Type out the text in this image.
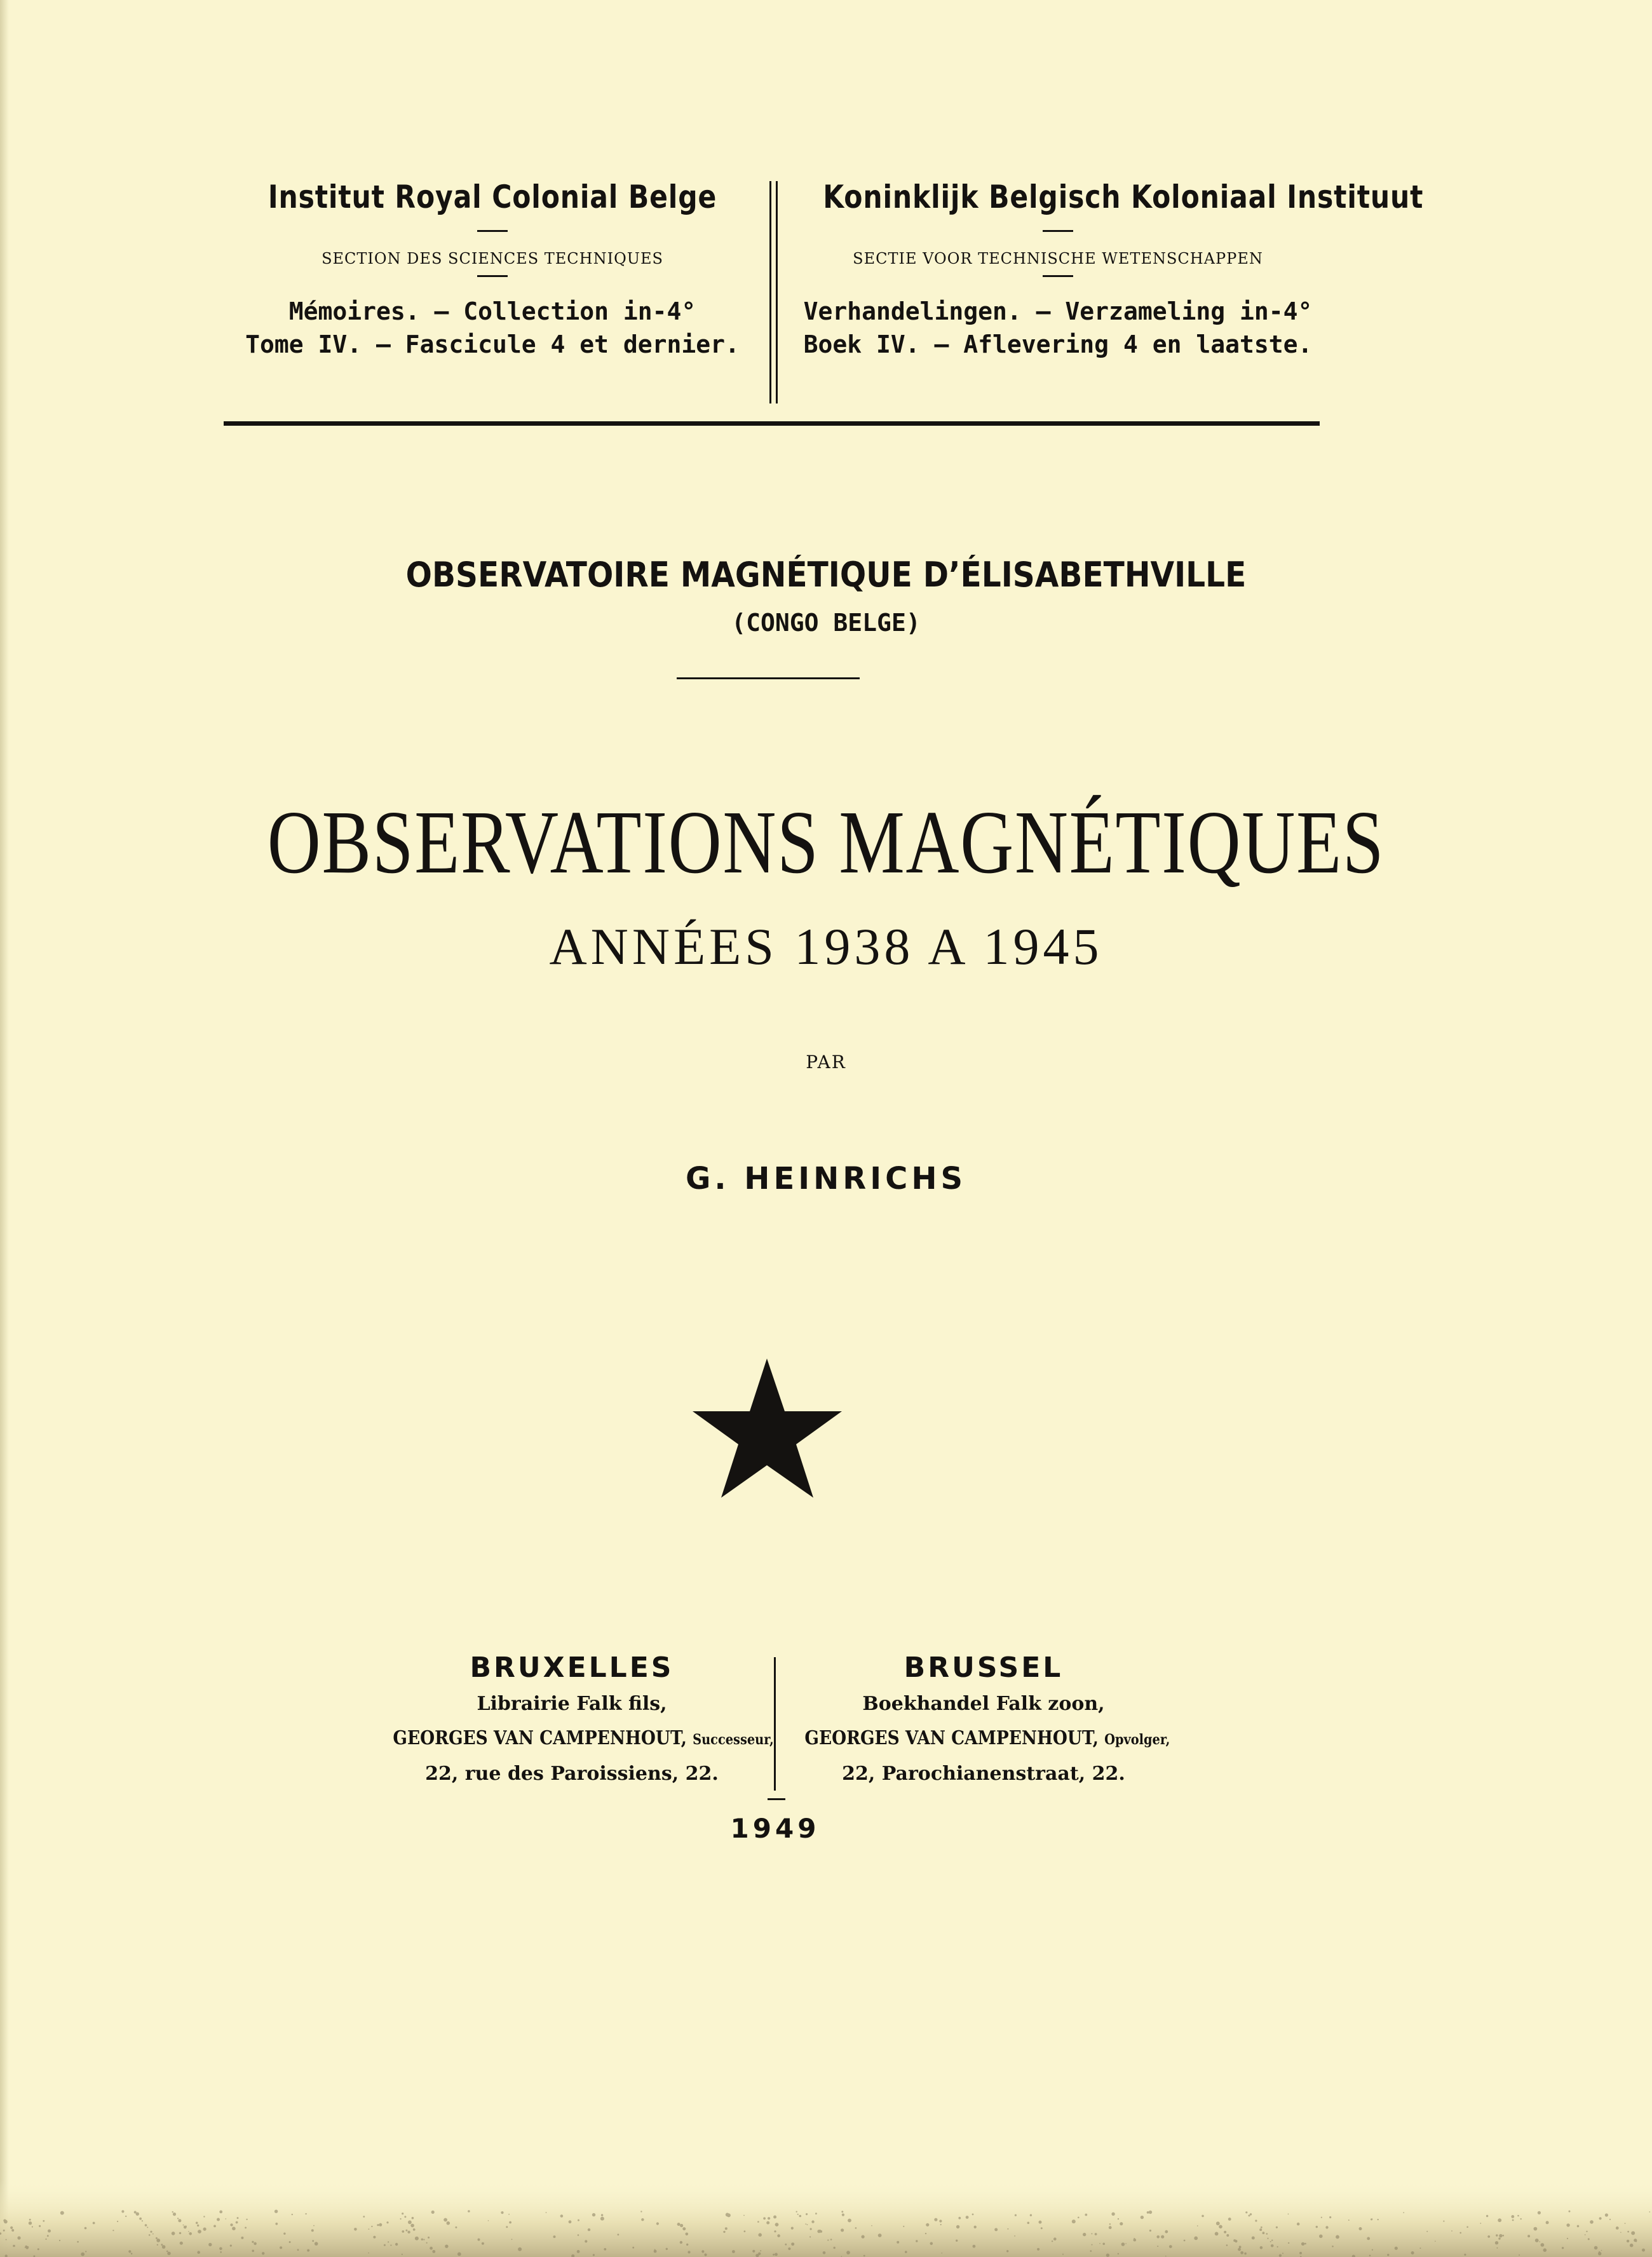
Institut Royal Colonial Belge
SECTION DES SCIENCES TECHNIQUES
Mémoires. — Collection in-4°
Tome IV. — Fascicule 4 et dernier.
Koninklijk Belgisch Koloniaal Instituut
SECTIE VOOR TECHNISCHE WETENSCHAPPEN
Verhandelingen. — Verzameling in-4°
Boek IV. — Aflevering 4 en laatste.
OBSERVATOIRE MAGNÉTIQUE D’ÉLISABETHVILLE
(CONGO BELGE)
OBSERVATIONS MAGNÉTIQUES
ANNÉES 1938 A 1945
PAR
G. HEINRICHS
BRUXELLES
Librairie Falk fils,
GEORGES VAN CAMPENHOUT, Successeur,
22, rue des Paroissiens, 22.
BRUSSEL
Boekhandel Falk zoon,
GEORGES VAN CAMPENHOUT, Opvolger,
22, Parochianenstraat, 22.
1949
